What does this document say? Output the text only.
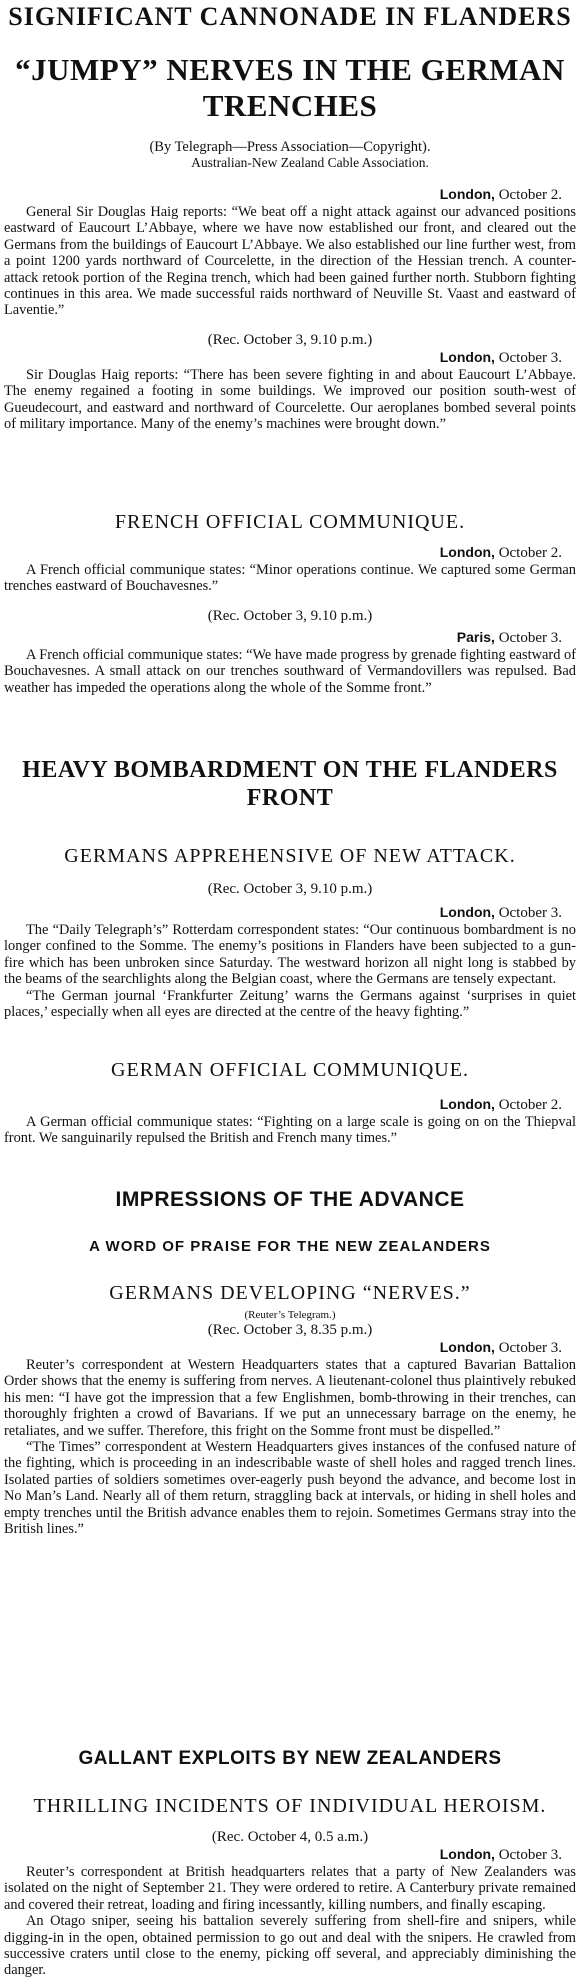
SIGNIFICANT CANNONADE IN FLANDERS
“JUMPY” NERVES IN THE GERMAN TRENCHES
(By Telegraph—Press Association—Copyright).
Australian-New Zealand Cable Association.
London, October 2.

General Sir Douglas Haig reports: “We beat off a night attack against our advanced positions eastward of Eaucourt L’Abbaye, where we have now established our front, and cleared out the Germans from the buildings of Eaucourt L’Abbaye. We also established our line further west, from a point 1200 yards northward of Courcelette, in the direction of the Hessian trench. A counter-attack retook portion of the Regina trench, which had been gained further north. Stubborn fighting continues in this area. We made successful raids northward of Neuville St. Vaast and eastward of Laventie.”

(Rec. October 3, 9.10 p.m.)
London, October 3.

Sir Douglas Haig reports: “There has been severe fighting in and about Eaucourt L’Abbaye. The enemy regained a footing in some buildings. We improved our position south-west of Gueudecourt, and eastward and northward of Courcelette. Our aeroplanes bombed several points of military importance. Many of the enemy’s machines were brought down.”

FRENCH OFFICIAL COMMUNIQUE.
London, October 2.

A French official communique states: “Minor operations continue. We captured some German trenches eastward of Bouchavesnes.”

(Rec. October 3, 9.10 p.m.)
Paris, October 3.

A French official communique states: “We have made progress by grenade fighting eastward of Bouchavesnes. A small attack on our trenches southward of Vermandovillers was repulsed. Bad weather has impeded the operations along the whole of the Somme front.”

HEAVY BOMBARDMENT ON THE FLANDERS FRONT
GERMANS APPREHENSIVE OF NEW ATTACK.
(Rec. October 3, 9.10 p.m.)
London, October 3.

The “Daily Telegraph’s” Rotterdam correspondent states: “Our continuous bombardment is no longer confined to the Somme. The enemy’s positions in Flanders have been subjected to a gun-fire which has been unbroken since Saturday. The westward horizon all night long is stabbed by the beams of the searchlights along the Belgian coast, where the Germans are tensely expectant.

“The German journal ‘Frankfurter Zeitung’ warns the Germans against ‘surprises in quiet places,’ especially when all eyes are directed at the centre of the heavy fighting.”

GERMAN OFFICIAL COMMUNIQUE.
London, October 2.

A German official communique states: “Fighting on a large scale is going on on the Thiepval front. We sanguinarily repulsed the British and French many times.”

IMPRESSIONS OF THE ADVANCE
A WORD OF PRAISE FOR THE NEW ZEALANDERS
GERMANS DEVELOPING “NERVES.”
(Reuter’s Telegram.)
(Rec. October 3, 8.35 p.m.)
London, October 3.

Reuter’s correspondent at Western Headquarters states that a captured Bavarian Battalion Order shows that the enemy is suffering from nerves. A lieutenant-colonel thus plaintively rebuked his men: “I have got the impression that a few Englishmen, bomb-throwing in their trenches, can thoroughly frighten a crowd of Bavarians. If we put an unnecessary barrage on the enemy, he retaliates, and we suffer. Therefore, this fright on the Somme front must be dispelled.”

“The Times” correspondent at Western Headquarters gives instances of the confused nature of the fighting, which is proceeding in an indescribable waste of shell holes and ragged trench lines. Isolated parties of soldiers sometimes over-eagerly push beyond the advance, and become lost in No Man’s Land. Nearly all of them return, straggling back at intervals, or hiding in shell holes and empty trenches until the British advance enables them to rejoin. Sometimes Germans stray into the British lines.”

GALLANT EXPLOITS BY NEW ZEALANDERS
THRILLING INCIDENTS OF INDIVIDUAL HEROISM.
(Rec. October 4, 0.5 a.m.)
London, October 3.

Reuter’s correspondent at British headquarters relates that a party of New Zealanders was isolated on the night of September 21. They were ordered to retire. A Canterbury private remained and covered their retreat, loading and firing incessantly, killing numbers, and finally escaping.

An Otago sniper, seeing his battalion severely suffering from shell-fire and snipers, while digging-in in the open, obtained permission to go out and deal with the snipers. He crawled from successive craters until close to the enemy, picking off several, and appreciably diminishing the danger.
